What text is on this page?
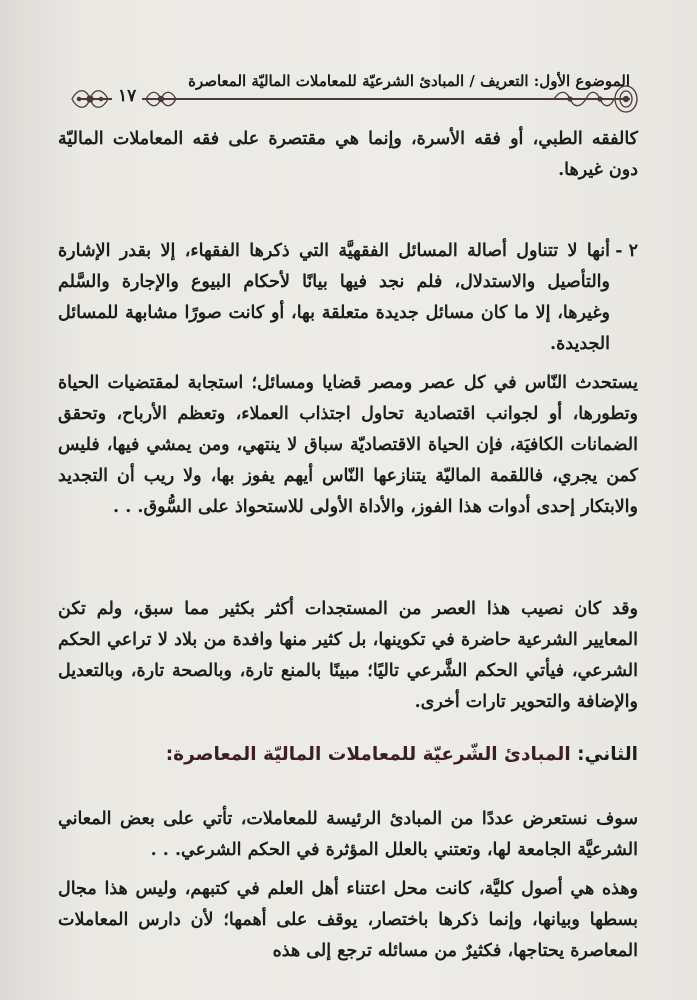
الموضوع الأول: التعريف / المبادئ الشرعيّة للمعاملات الماليّة المعاصرة
١٧
كالفقه الطبي، أو فقه الأسرة، وإنما هي مقتصرة على فقه المعاملات الماليّة دون غيرها.
٢ -
أنها لا تتناول أصالة المسائل الفقهيَّة التي ذكرها الفقهاء، إلا بقدر الإشارة والتأصيل والاستدلال، فلم نجد فيها بيانًا لأحكام البيوع والإجارة والسَّلم وغيرها، إلا ما كان مسائل جديدة متعلقة بها، أو كانت صورًا مشابهة للمسائل الجديدة.
يستحدث النّاس في كل عصر ومصر قضايا ومسائل؛ استجابة لمقتضيات الحياة وتطورها، أو لجوانب اقتصادية تحاول اجتذاب العملاء، وتعظم الأرباح، وتحقق الضمانات الكافيَة، فإن الحياة الاقتصاديّة سباق لا ينتهي، ومن يمشي فيها، فليس كمن يجري، فاللقمة الماليّة يتنازعها النّاس أيهم يفوز بها، ولا ريب أن التجديد والابتكار إحدى أدوات هذا الفوز، والأداة الأولى للاستحواذ على السُّوق. . .
وقد كان نصيب هذا العصر من المستجدات أكثر بكثير مما سبق، ولم تكن المعايير الشرعية حاضرة في تكوينها، بل كثير منها وافدة من بلاد لا تراعي الحكم الشرعي، فيأتي الحكم الشَّرعي تاليًا؛ مبينًا بالمنع تارة، وبالصحة تارة، وبالتعديل والإضافة والتحوير تارات أخرى.
الثاني: المبادئ الشّرعيّة للمعاملات الماليّة المعاصرة:
سوف نستعرض عددًا من المبادئ الرئيسة للمعاملات، تأتي على بعض المعاني الشرعيَّة الجامعة لها، وتعتني بالعلل المؤثرة في الحكم الشرعي. . .
وهذه هي أصول كليَّة، كانت محل اعتناء أهل العلم في كتبهم، وليس هذا مجال بسطها وبيانها، وإنما ذكرها باختصار، يوقف على أهمها؛ لأن دارس المعاملات المعاصرة يحتاجها، فكثيرٌ من مسائله ترجع إلى هذه
